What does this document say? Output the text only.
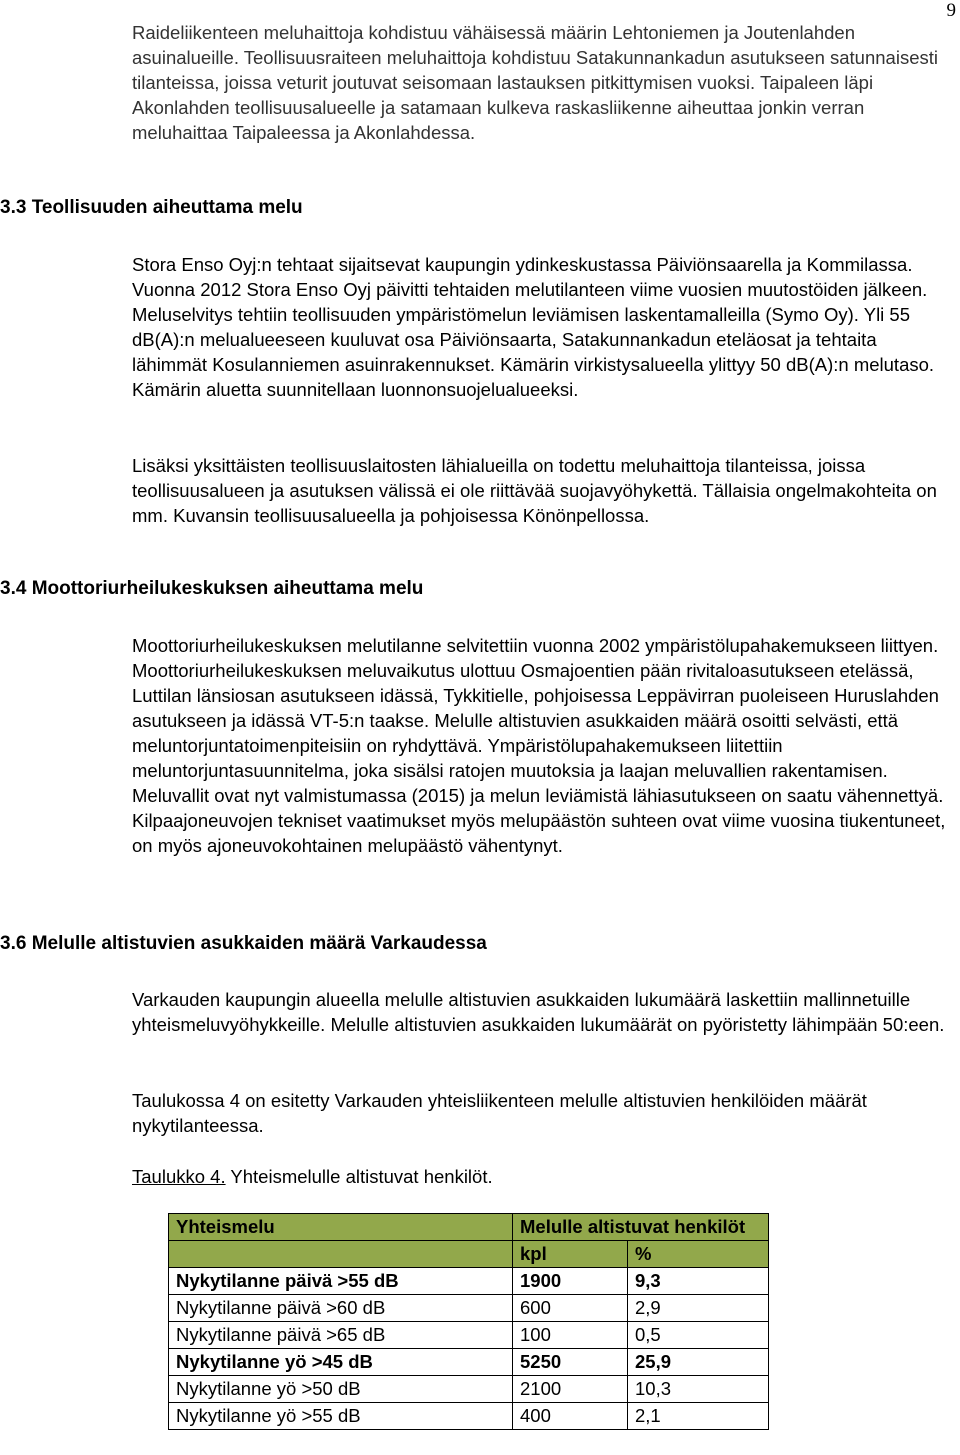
9

Raideliikenteen meluhaittoja kohdistuu vähäisessä määrin Lehtoniemen ja Joutenlahden asuinalueille. Teollisuusraiteen meluhaittoja kohdistuu Satakunnankadun asutukseen satunnaisesti tilanteissa, joissa veturit joutuvat seisomaan lastauksen pitkittymisen vuoksi. Taipaleen läpi Akonlahden teollisuusalueelle ja satamaan kulkeva raskasliikenne aiheuttaa jonkin verran meluhaittaa Taipaleessa ja Akonlahdessa.

3.3 Teollisuuden aiheuttama melu

Stora Enso Oyj:n tehtaat sijaitsevat kaupungin ydinkeskustassa Päiviönsaarella ja Kommilassa. Vuonna 2012 Stora Enso Oyj päivitti tehtaiden melutilanteen viime vuosien muutostöiden jälkeen. Meluselvitys tehtiin teollisuuden ympäristömelun leviämisen laskentamalleilla (Symo Oy). Yli 55 dB(A):n melualueeseen kuuluvat osa Päiviönsaarta, Satakunnankadun eteläosat ja tehtaita lähimmät Kosulanniemen asuinrakennukset. Kämärin virkistysalueella ylittyy 50 dB(A):n melutaso. Kämärin aluetta suunnitellaan luonnonsuojelualueeksi.

Lisäksi yksittäisten teollisuuslaitosten lähialueilla on todettu meluhaittoja tilanteissa, joissa teollisuusalueen ja asutuksen välissä ei ole riittävää suojavyöhykettä. Tällaisia ongelmakohteita on mm. Kuvansin teollisuusalueella ja pohjoisessa Könönpellossa.

3.4 Moottoriurheilukeskuksen aiheuttama melu

Moottoriurheilukeskuksen melutilanne selvitettiin vuonna 2002 ympäristölupahakemukseen liittyen. Moottoriurheilukeskuksen meluvaikutus ulottuu Osmajoentien pään rivitaloasutukseen etelässä, Luttilan länsiosan asutukseen idässä, Tykkitielle, pohjoisessa Leppävirran puoleiseen Huruslahden asutukseen ja idässä VT-5:n taakse. Melulle altistuvien asukkaiden määrä osoitti selvästi, että meluntorjuntatoimenpiteisiin on ryhdyttävä. Ympäristölupahakemukseen liitettiin meluntorjuntasuunnitelma, joka sisälsi ratojen muutoksia ja laajan meluvallien rakentamisen. Meluvallit ovat nyt valmistumassa (2015) ja melun leviämistä lähiasutukseen on saatu vähennettyä. Kilpaajoneuvojen tekniset vaatimukset myös melupäästön suhteen ovat viime vuosina tiukentuneet, on myös ajoneuvokohtainen melupäästö vähentynyt.

3.6 Melulle altistuvien asukkaiden määrä Varkaudessa

Varkauden kaupungin alueella melulle altistuvien asukkaiden lukumäärä laskettiin mallinnetuille yhteismeluvyöhykkeille. Melulle altistuvien asukkaiden lukumäärät on pyöristetty lähimpään 50:een.

Taulukossa 4 on esitetty Varkauden yhteisliikenteen melulle altistuvien henkilöiden määrät nykytilanteessa.

Taulukko 4. Yhteismelulle altistuvat henkilöt.

Yhteismelu	Melulle altistuvat henkilöt	
	kpl	%
Nykytilanne päivä >55 dB	1900	9,3
Nykytilanne päivä >60 dB	600	2,9
Nykytilanne päivä >65 dB	100	0,5
Nykytilanne yö >45 dB	5250	25,9
Nykytilanne yö >50 dB	2100	10,3
Nykytilanne yö >55 dB	400	2,1
